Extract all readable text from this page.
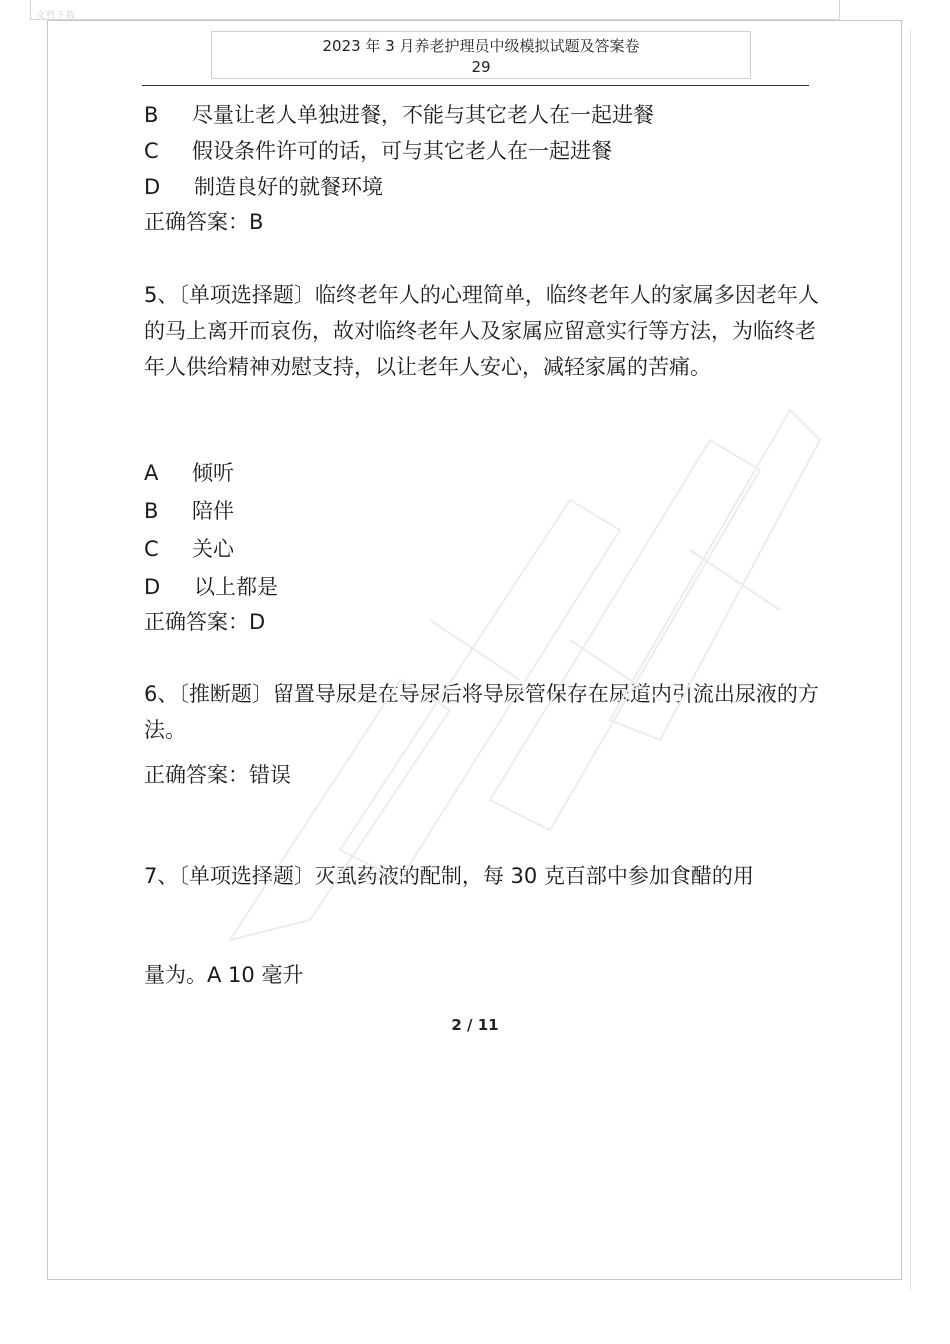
文档下载
2023 年 3 月养老护理员中级模拟试题及答案卷
29
B 尽量让老人单独进餐，不能与其它老人在一起进餐
C 假设条件许可的话，可与其它老人在一起进餐
D 制造良好的就餐环境
正确答案：B
5、〔单项选择题〕临终老年人的心理简单，临终老年人的家属多因老年人的马上离开而哀伤，故对临终老年人及家属应留意实行等方法，为临终老年人供给精神劝慰支持，以让老年人安心，减轻家属的苦痛。
A 倾听
B 陪伴
C 关心
D 以上都是
正确答案：D
6、〔推断题〕留置导尿是在导尿后将导尿管保存在尿道内引流出尿液的方法。
正确答案：错误
7、〔单项选择题〕灭虱药液的配制，每 30 克百部中参加食醋的用
量为。A 10 毫升
2 / 11
